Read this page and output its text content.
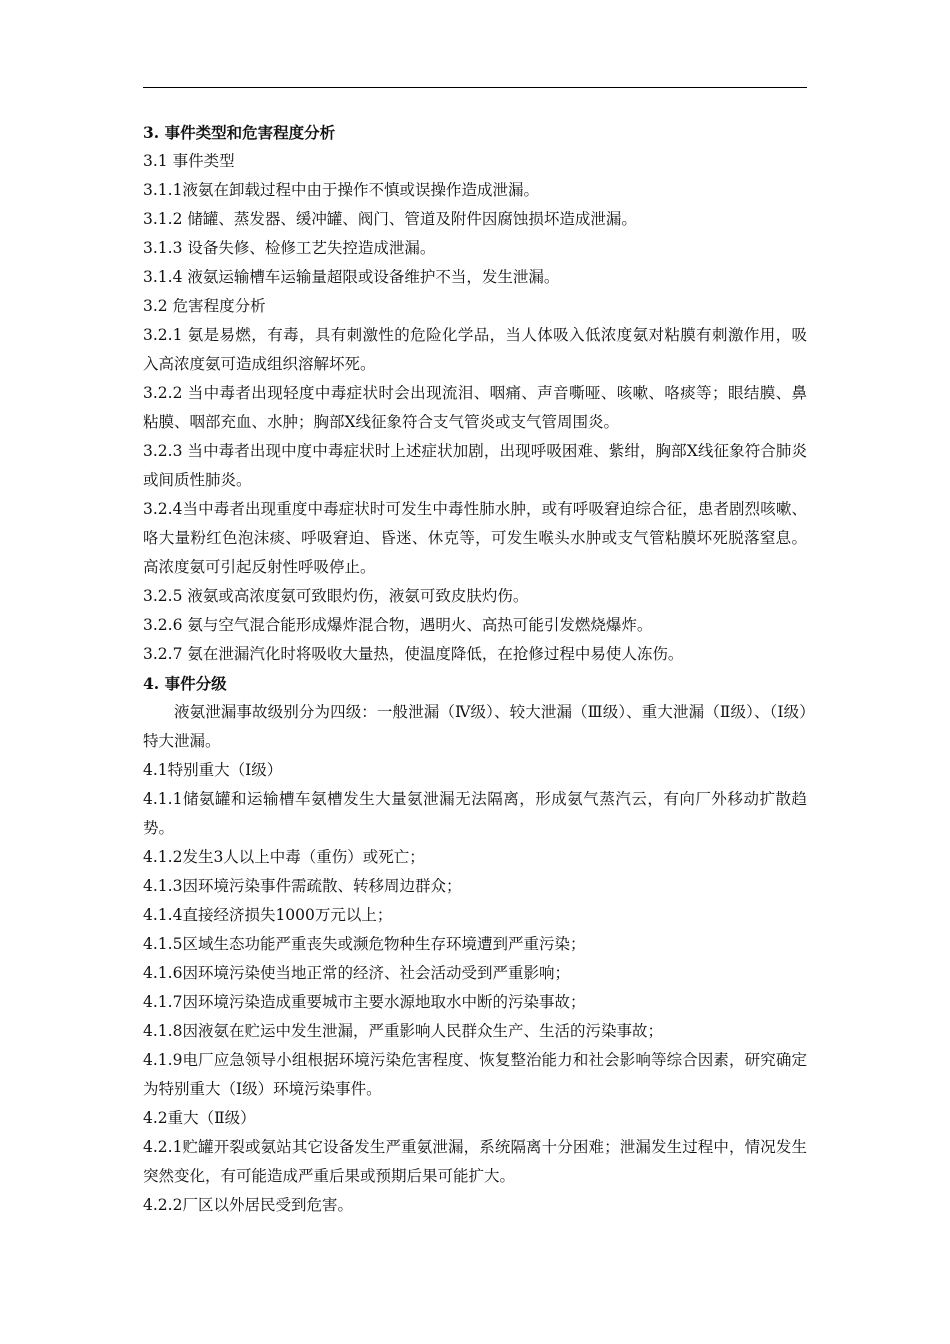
3. 事件类型和危害程度分析

3.1 事件类型

3.1.1液氨在卸载过程中由于操作不慎或误操作造成泄漏。

3.1.2 储罐、蒸发器、缓冲罐、阀门、管道及附件因腐蚀损坏造成泄漏。

3.1.3 设备失修、检修工艺失控造成泄漏。

3.1.4 液氨运输槽车运输量超限或设备维护不当，发生泄漏。

3.2 危害程度分析

3.2.1 氨是易燃，有毒，具有刺激性的危险化学品，当人体吸入低浓度氨对粘膜有刺激作用，吸入高浓度氨可造成组织溶解坏死。

3.2.2 当中毒者出现轻度中毒症状时会出现流泪、咽痛、声音嘶哑、咳嗽、咯痰等；眼结膜、鼻粘膜、咽部充血、水肿；胸部X线征象符合支气管炎或支气管周围炎。

3.2.3 当中毒者出现中度中毒症状时上述症状加剧，出现呼吸困难、紫绀，胸部X线征象符合肺炎或间质性肺炎。

3.2.4当中毒者出现重度中毒症状时可发生中毒性肺水肿，或有呼吸窘迫综合征，患者剧烈咳嗽、咯大量粉红色泡沫痰、呼吸窘迫、昏迷、休克等，可发生喉头水肿或支气管粘膜坏死脱落窒息。高浓度氨可引起反射性呼吸停止。

3.2.5 液氨或高浓度氨可致眼灼伤，液氨可致皮肤灼伤。

3.2.6 氨与空气混合能形成爆炸混合物，遇明火、高热可能引发燃烧爆炸。

3.2.7 氨在泄漏汽化时将吸收大量热，使温度降低，在抢修过程中易使人冻伤。

4. 事件分级

液氨泄漏事故级别分为四级：一般泄漏（Ⅳ级）、较大泄漏（Ⅲ级）、重大泄漏（Ⅱ级）、（Ⅰ级）特大泄漏。

4.1特别重大（Ⅰ级）

4.1.1储氨罐和运输槽车氨槽发生大量氨泄漏无法隔离，形成氨气蒸汽云，有向厂外移动扩散趋势。

4.1.2发生3人以上中毒（重伤）或死亡；

4.1.3因环境污染事件需疏散、转移周边群众；

4.1.4直接经济损失1000万元以上；

4.1.5区域生态功能严重丧失或濒危物种生存环境遭到严重污染；

4.1.6因环境污染使当地正常的经济、社会活动受到严重影响；

4.1.7因环境污染造成重要城市主要水源地取水中断的污染事故；

4.1.8因液氨在贮运中发生泄漏，严重影响人民群众生产、生活的污染事故；

4.1.9电厂应急领导小组根据环境污染危害程度、恢复整治能力和社会影响等综合因素，研究确定为特别重大（Ⅰ级）环境污染事件。

4.2重大（Ⅱ级）

4.2.1贮罐开裂或氨站其它设备发生严重氨泄漏，系统隔离十分困难；泄漏发生过程中，情况发生突然变化，有可能造成严重后果或预期后果可能扩大。

4.2.2厂区以外居民受到危害。
